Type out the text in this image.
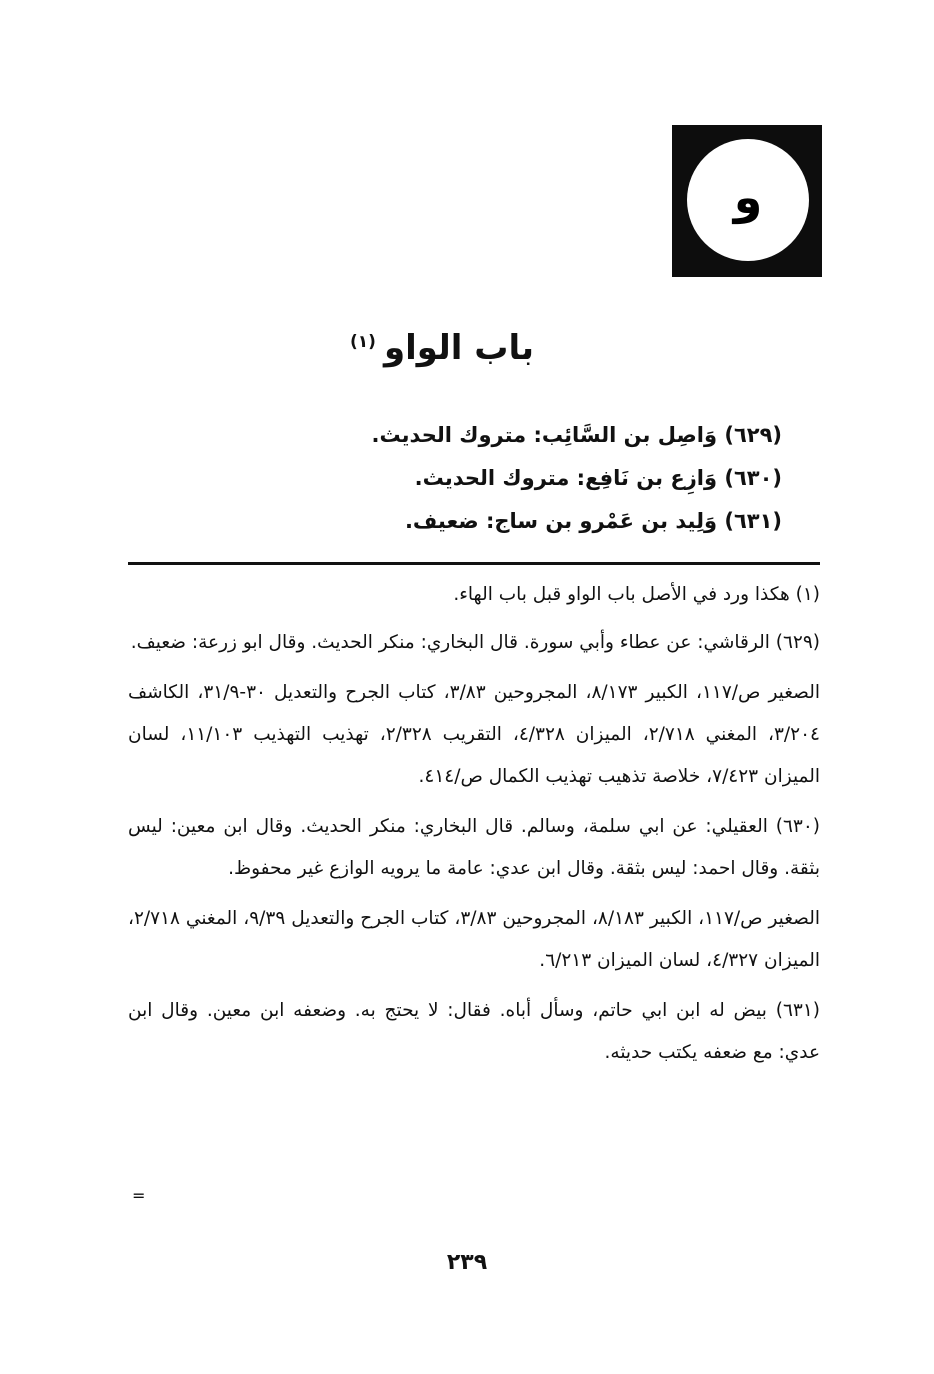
و
باب الواو$^{(١)}$
(٦٢٩) وَاصِل بن السَّائِب: متروك الحديث.
(٦٣٠) وَازِع بن نَافِع: متروك الحديث.
(٦٣١) وَلِيد بن عَمْرو بن ساج: ضعيف.

(١) هكذا ورد في الأصل باب الواو قبل باب الهاء.

(٦٢٩) الرقاشي: عن عطاء وأبي سورة. قال البخاري: منكر الحديث. وقال ابو زرعة: ضعيف.

الصغير ص/١١٧، الكبير ٨/١٧٣، المجروحين ٣/٨٣، كتاب الجرح والتعديل ٣٠-٣١/٩، الكاشف ٣/٢٠٤، المغني ٢/٧١٨، الميزان ٤/٣٢٨، التقريب ٢/٣٢٨، تهذيب التهذيب ١١/١٠٣، لسان الميزان ٧/٤٢٣، خلاصة تذهيب تهذيب الكمال ص/٤١٤.

(٦٣٠) العقيلي: عن ابي سلمة، وسالم. قال البخاري: منكر الحديث. وقال ابن معين: ليس بثقة. وقال احمد: ليس بثقة. وقال ابن عدي: عامة ما يرويه الوازع غير محفوظ.

الصغير ص/١١٧، الكبير ٨/١٨٣، المجروحين ٣/٨٣، كتاب الجرح والتعديل ٩/٣٩، المغني ٢/٧١٨، الميزان ٤/٣٢٧، لسان الميزان ٦/٢١٣.

(٦٣١) بيض له ابن ابي حاتم، وسأل أباه. فقال: لا يحتج به. وضعفه ابن معين. وقال ابن عدي: مع ضعفه يكتب حديثه.

=
٢٣٩
